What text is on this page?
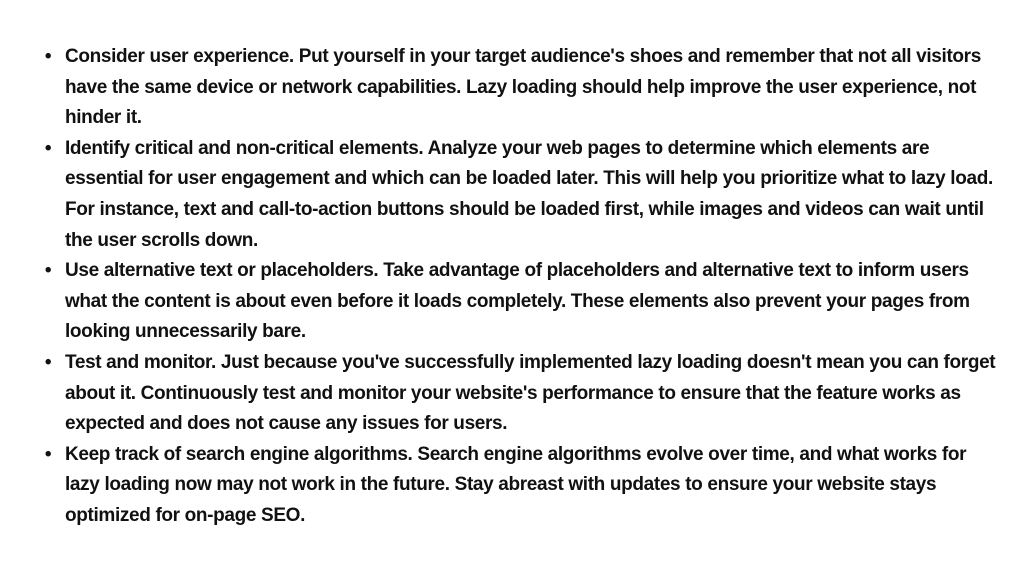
• Consider user experience. Put yourself in your target audience's shoes and remember that not all visitors have the same device or network capabilities. Lazy loading should help improve the user experience, not hinder it.
• Identify critical and non-critical elements. Analyze your web pages to determine which elements are essential for user engagement and which can be loaded later. This will help you prioritize what to lazy load. For instance, text and call-to-action buttons should be loaded first, while images and videos can wait until the user scrolls down.
• Use alternative text or placeholders. Take advantage of placeholders and alternative text to inform users what the content is about even before it loads completely. These elements also prevent your pages from looking unnecessarily bare.
• Test and monitor. Just because you've successfully implemented lazy loading doesn't mean you can forget about it. Continuously test and monitor your website's performance to ensure that the feature works as expected and does not cause any issues for users.
• Keep track of search engine algorithms. Search engine algorithms evolve over time, and what works for lazy loading now may not work in the future. Stay abreast with updates to ensure your website stays optimized for on-page SEO.
